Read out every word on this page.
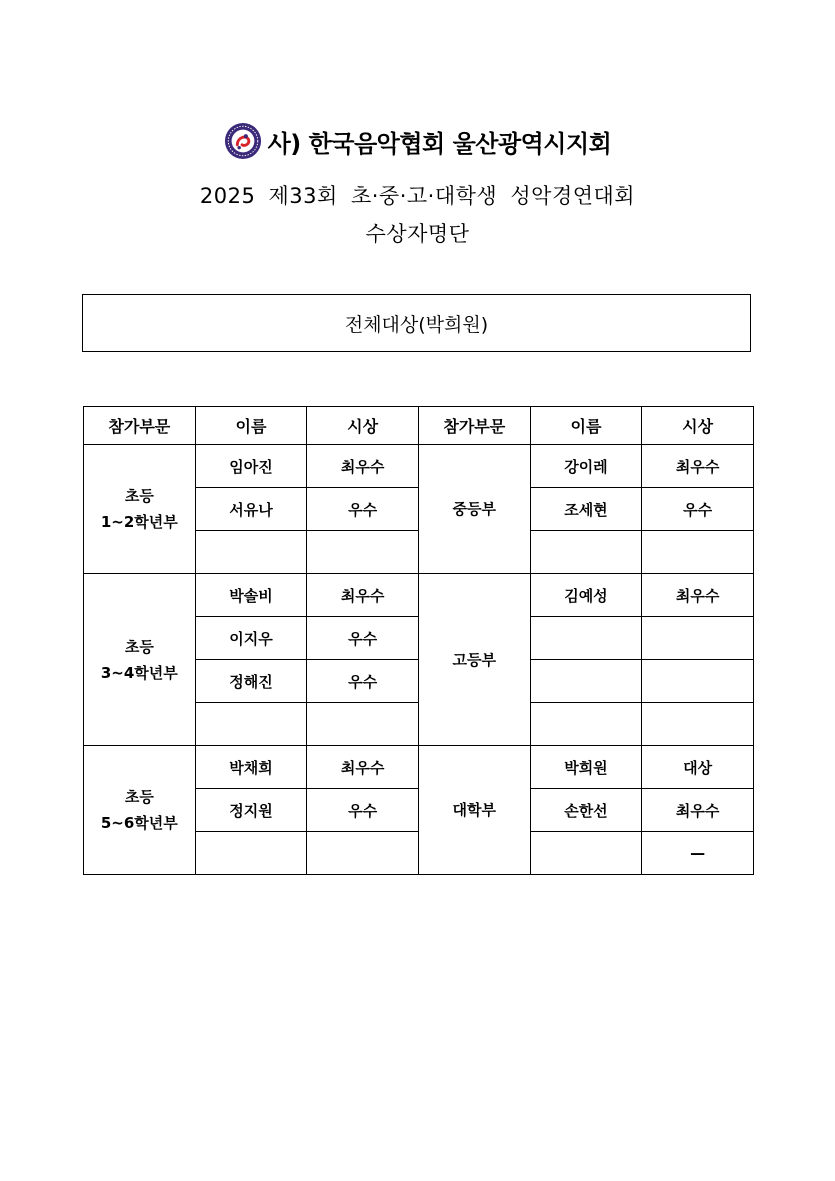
사) 한국음악협회 울산광역시지회
2025 제33회 초·중·고·대학생 성악경연대회
수상자명단
전체대상(박희원)
참가부문	이름	시상	참가부문	이름	시상

초등
1~2학년부	임아진	최우수	중등부	강이레	최우수
	서유나	우수		조세현	우수

초등
3~4학년부	박솔비	최우수	고등부	김예성	최우수
	이지우	우수			
	정해진	우수			

초등
5~6학년부	박채희	최우수	대학부	박희원	대상
	정지원	우수		손한선	최우수
					—
